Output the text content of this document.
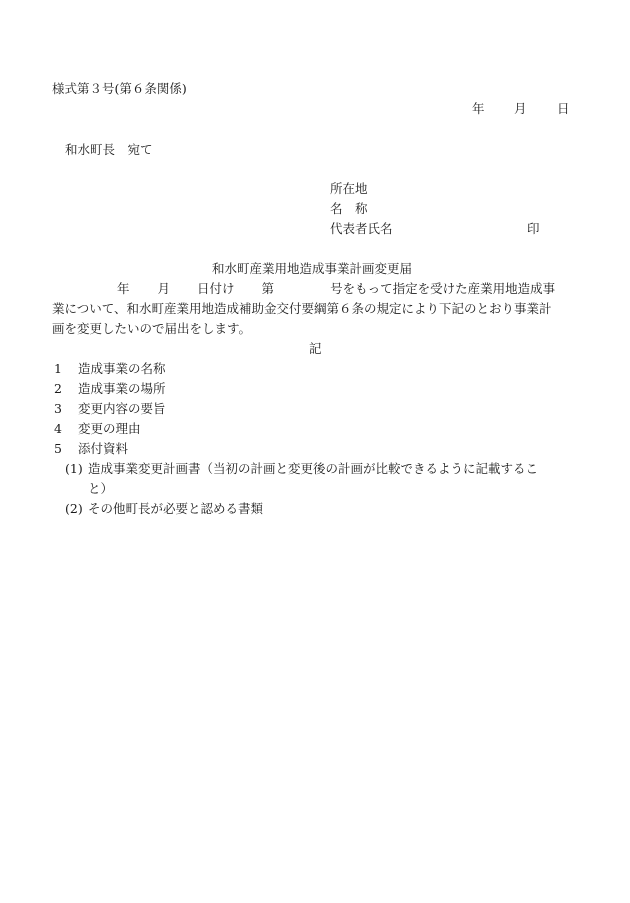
様式第３号(第６条関係)
年 月 日
和水町長　宛て
所在地
名　称
代表者氏名	印
和水町産業用地造成事業計画変更届
年 月 日付け 第	号をもって指定を受けた産業用地造成事
業について、和水町産業用地造成補助金交付要綱第６条の規定により下記のとおり事業計
画を変更したいので届出をします。
記
1 造成事業の名称
2 造成事業の場所
3 変更内容の要旨
4 変更の理由
5 添付資料
(1) 造成事業変更計画書（当初の計画と変更後の計画が比較できるように記載するこ
と）
(2) その他町長が必要と認める書類
